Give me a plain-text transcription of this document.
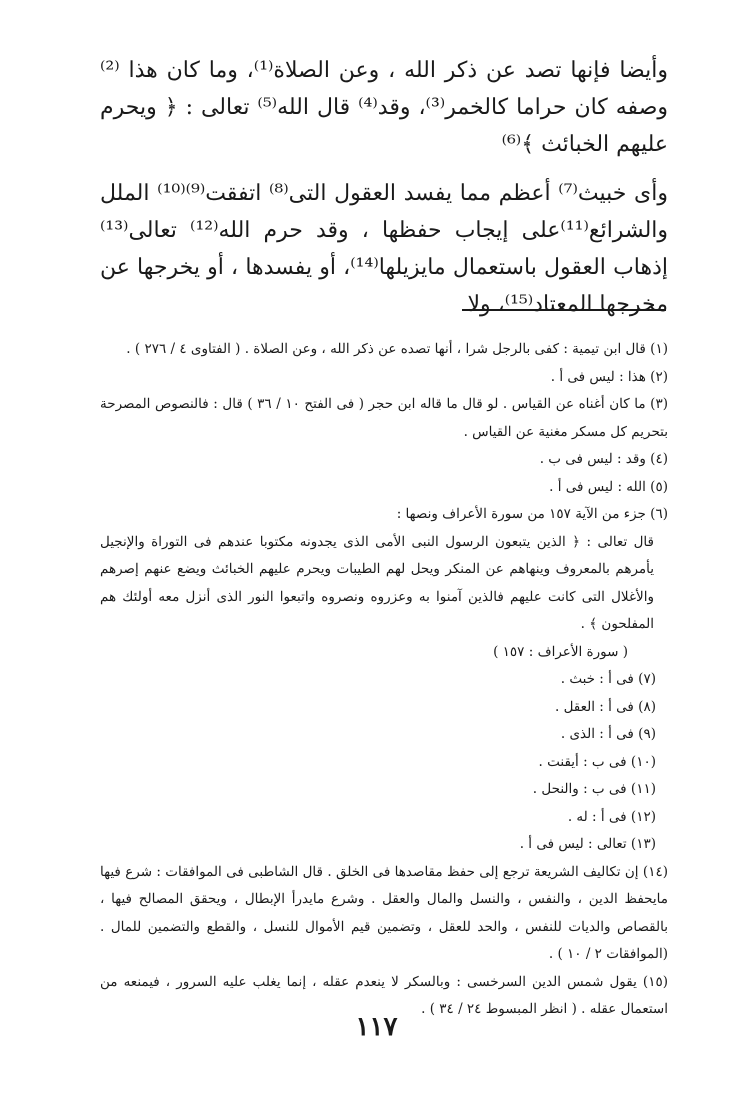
وأيضا فإنها تصد عن ذكر الله ، وعن الصلاة⁽¹⁾، وما كان هذا ⁽²⁾وصفه كان حراما كالخمر⁽³⁾، وقد⁽⁴⁾ قال الله⁽⁵⁾ تعالى : ﴿ ويحرم عليهم الخبائث ﴾⁽⁶⁾

وأى خبيث⁽⁷⁾ أعظم مما يفسد العقول التى⁽⁸⁾ اتفقت⁽⁹⁾⁽¹⁰⁾ الملل والشرائع⁽¹¹⁾على إيجاب حفظها ، وقد حرم الله⁽¹²⁾ تعالى⁽¹³⁾ إذهاب العقول باستعمال مايزيلها⁽¹⁴⁾، أو يفسدها ، أو يخرجها عن مخرجها المعتاد⁽¹⁵⁾، ولا

(١) قال ابن تيمية : كفى بالرجل شرا ، أنها تصده عن ذكر الله ، وعن الصلاة . ( الفتاوى ٤ / ٢٧٦ ) .

(٢) هذا : ليس فى أ .

(٣) ما كان أغناه عن القياس . لو قال ما قاله ابن حجر ( فى الفتح ١٠ / ٣٦ ) قال : فالنصوص المصرحة بتحريم كل مسكر مغنية عن القياس .

(٤) وقد : ليس فى ب .

(٥) الله : ليس فى أ .

(٦) جزء من الآية ١٥٧ من سورة الأعراف ونصها :

قال تعالى : ﴿ الذين يتبعون الرسول النبى الأمى الذى يجدونه مكتوبا عندهم فى التوراة والإنجيل يأمرهم بالمعروف وينهاهم عن المنكر ويحل لهم الطيبات ويحرم عليهم الخبائث ويضع عنهم إصرهم والأغلال التى كانت عليهم فالذين آمنوا به وعزروه ونصروه واتبعوا النور الذى أنزل معه أولئك هم المفلحون ﴾ .

( سورة الأعراف : ١٥٧ )

(٧) فى أ : خبث .

(٨) فى أ : العقل .

(٩) فى أ : الذى .

(١٠) فى ب : أيقنت .

(١١) فى ب : والنحل .

(١٢) فى أ : له .

(١٣) تعالى : ليس فى أ .

(١٤) إن تكاليف الشريعة ترجع إلى حفظ مقاصدها فى الخلق . قال الشاطبى فى الموافقات : شرع فيها مايحفظ الدين ، والنفس ، والنسل والمال والعقل . وشرع مايدرأ الإبطال ، ويحقق المصالح فيها ، بالقصاص والديات للنفس ، والحد للعقل ، وتضمين قيم الأموال للنسل ، والقطع والتضمين للمال . (الموافقات ٢ / ١٠ ) .

(١٥) يقول شمس الدين السرخسى : وبالسكر لا ينعدم عقله ، إنما يغلب عليه السرور ، فيمنعه من استعمال عقله . ( انظر المبسوط ٢٤ / ٣٤ ) .

١١٧
